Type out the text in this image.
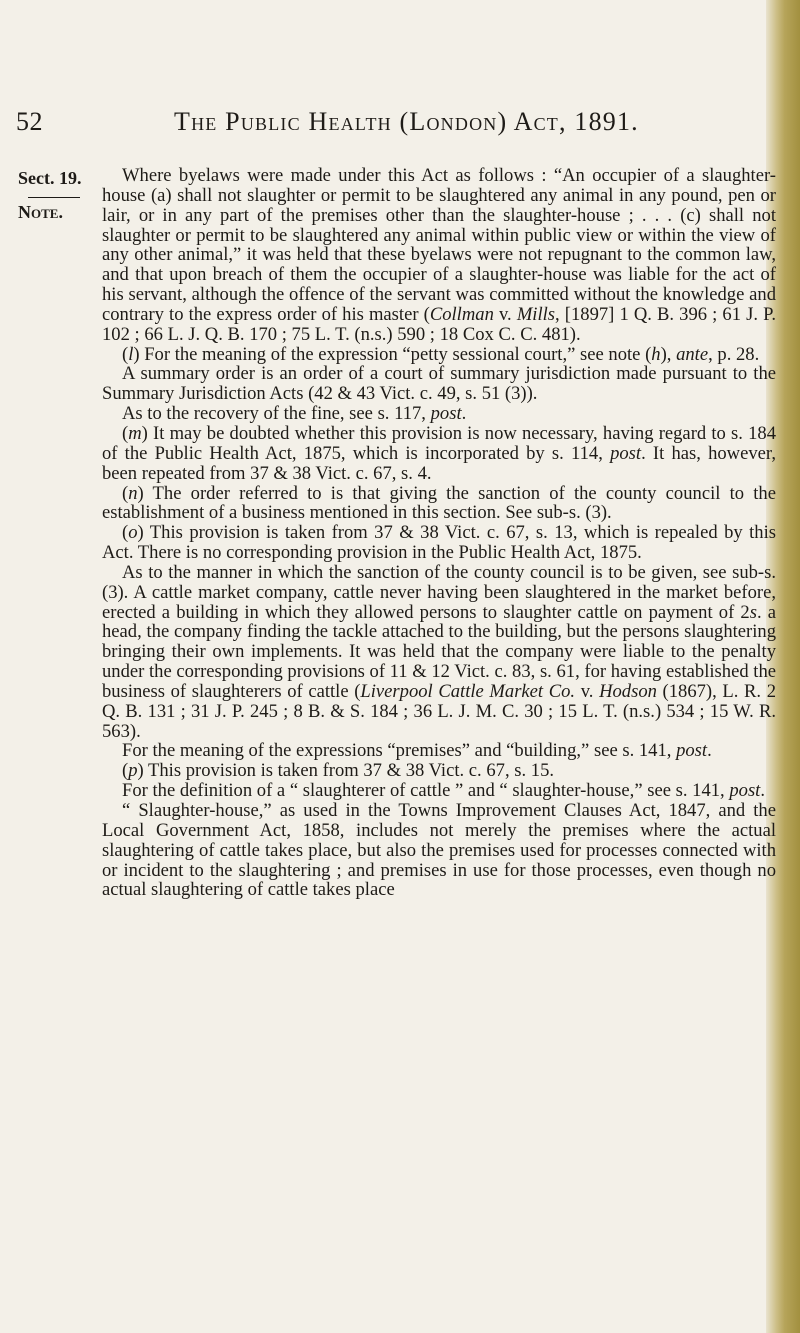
52	The Public Health (London) Act, 1891.
Sect. 19.
Note.

Where byelaws were made under this Act as follows : “An occupier of a slaughter-house (a) shall not slaughter or permit to be slaughtered any animal in any pound, pen or lair, or in any part of the premises other than the slaughter-house ; . . . (c) shall not slaughter or permit to be slaughtered any animal within public view or within the view of any other animal,” it was held that these byelaws were not repugnant to the common law, and that upon breach of them the occupier of a slaughter-house was liable for the act of his servant, although the offence of the servant was committed without the knowledge and contrary to the express order of his master (Collman v. Mills, [1897] 1 Q. B. 396 ; 61 J. P. 102 ; 66 L. J. Q. B. 170 ; 75 L. T. (n.s.) 590 ; 18 Cox C. C. 481).

(l) For the meaning of the expression “petty sessional court,” see note (h), ante, p. 28.

A summary order is an order of a court of summary jurisdiction made pursuant to the Summary Jurisdiction Acts (42 & 43 Vict. c. 49, s. 51 (3)).

As to the recovery of the fine, see s. 117, post.

(m) It may be doubted whether this provision is now necessary, having regard to s. 184 of the Public Health Act, 1875, which is incorporated by s. 114, post. It has, however, been repeated from 37 & 38 Vict. c. 67, s. 4.

(n) The order referred to is that giving the sanction of the county council to the establishment of a business mentioned in this section. See sub-s. (3).

(o) This provision is taken from 37 & 38 Vict. c. 67, s. 13, which is repealed by this Act. There is no corresponding provision in the Public Health Act, 1875.

As to the manner in which the sanction of the county council is to be given, see sub-s. (3). A cattle market company, cattle never having been slaughtered in the market before, erected a building in which they allowed persons to slaughter cattle on payment of 2s. a head, the company finding the tackle attached to the building, but the persons slaughtering bringing their own implements. It was held that the company were liable to the penalty under the corresponding provisions of 11 & 12 Vict. c. 83, s. 61, for having established the business of slaughterers of cattle (Liverpool Cattle Market Co. v. Hodson (1867), L. R. 2 Q. B. 131 ; 31 J. P. 245 ; 8 B. & S. 184 ; 36 L. J. M. C. 30 ; 15 L. T. (n.s.) 534 ; 15 W. R. 563).

For the meaning of the expressions “premises” and “building,” see s. 141, post.

(p) This provision is taken from 37 & 38 Vict. c. 67, s. 15.

For the definition of a “ slaughterer of cattle ” and “ slaughter-house,” see s. 141, post.

“ Slaughter-house,” as used in the Towns Improvement Clauses Act, 1847, and the Local Government Act, 1858, includes not merely the premises where the actual slaughtering of cattle takes place, but also the premises used for processes connected with or incident to the slaughtering ; and premises in use for those processes, even though no actual slaughtering of cattle takes place
